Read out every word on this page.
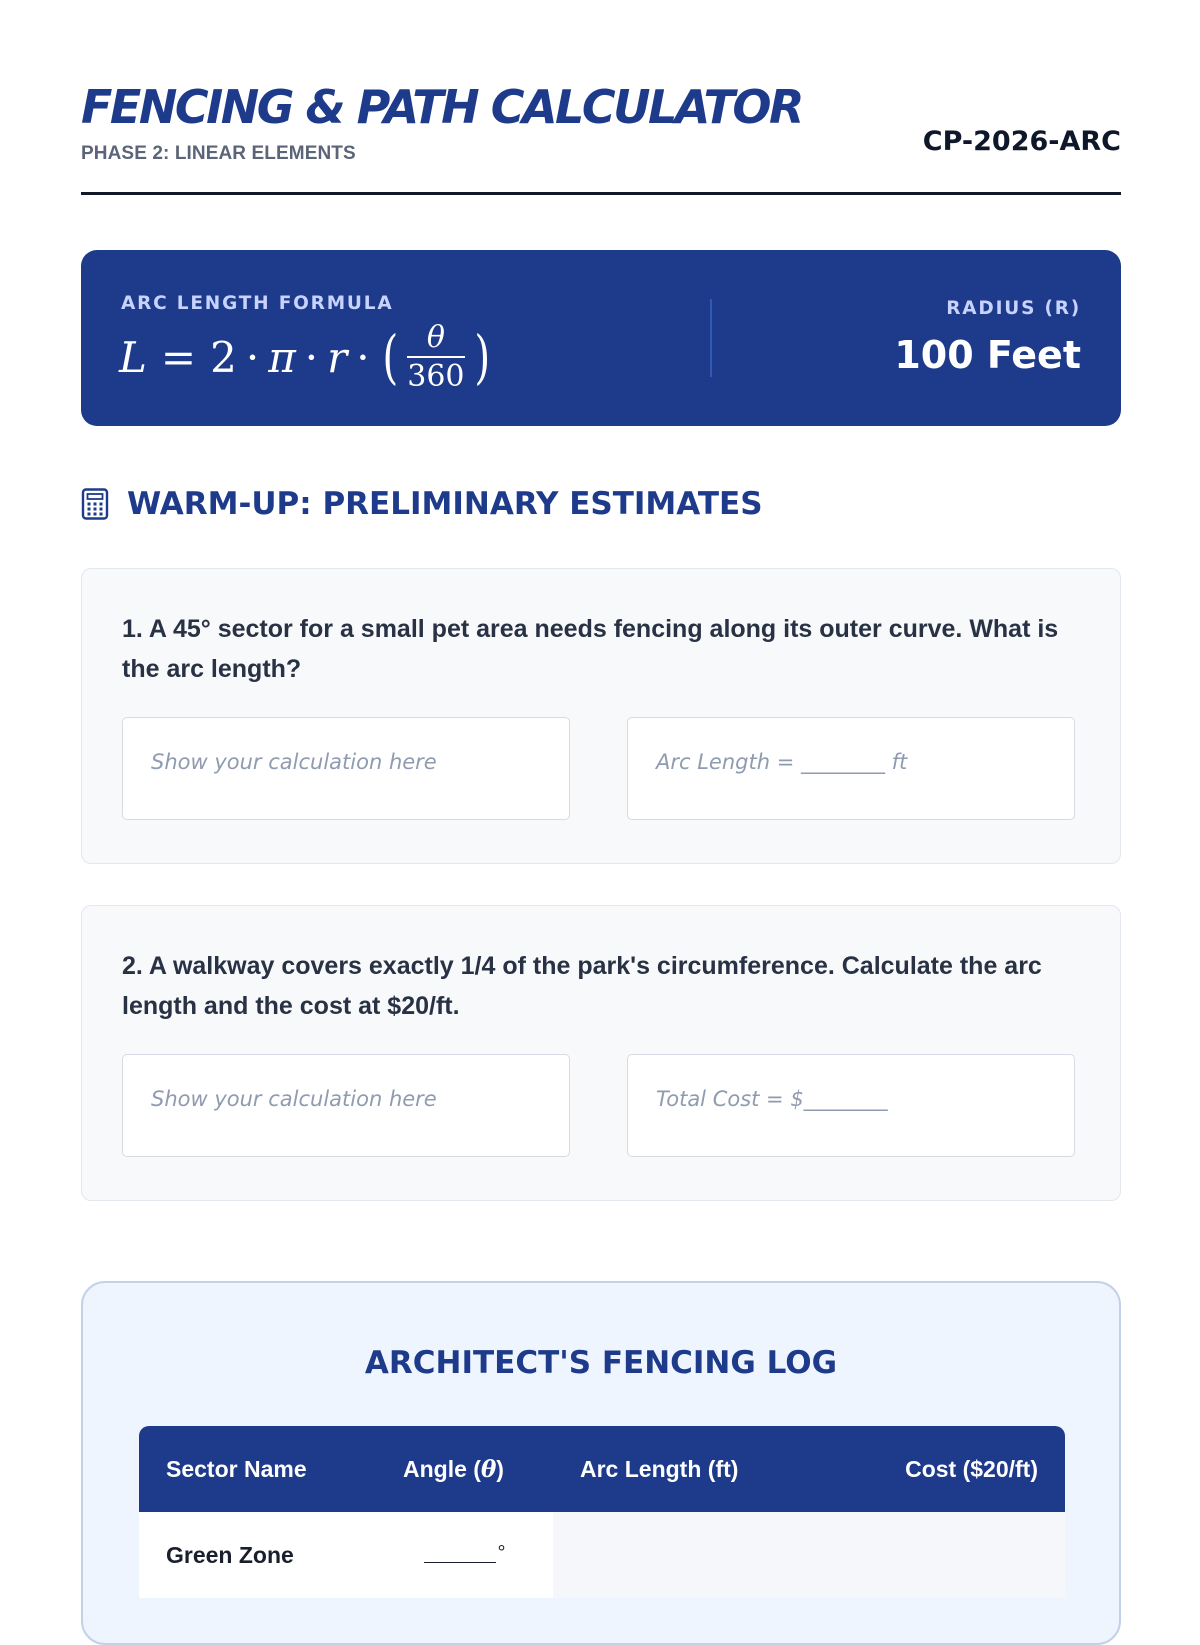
FENCING & PATH CALCULATOR
PHASE 2: LINEAR ELEMENTS	CP-2026-ARC
ARC LENGTH FORMULA
L = 2 · π · r · ( $\frac{\theta}{360}$ )
RADIUS (R)
100 Feet
WARM-UP: PRELIMINARY ESTIMATES

1. A 45° sector for a small pet area needs fencing along its outer curve. What is the arc length?

Show your calculation here	Arc Length = ________ ft

2. A walkway covers exactly 1/4 of the park's circumference. Calculate the arc length and the cost at $20/ft.

Show your calculation here	Total Cost = $________
ARCHITECT'S FENCING LOG
Sector Name	Angle (θ)	Arc Length (ft)	Cost ($20/ft)
Green Zone	°		
